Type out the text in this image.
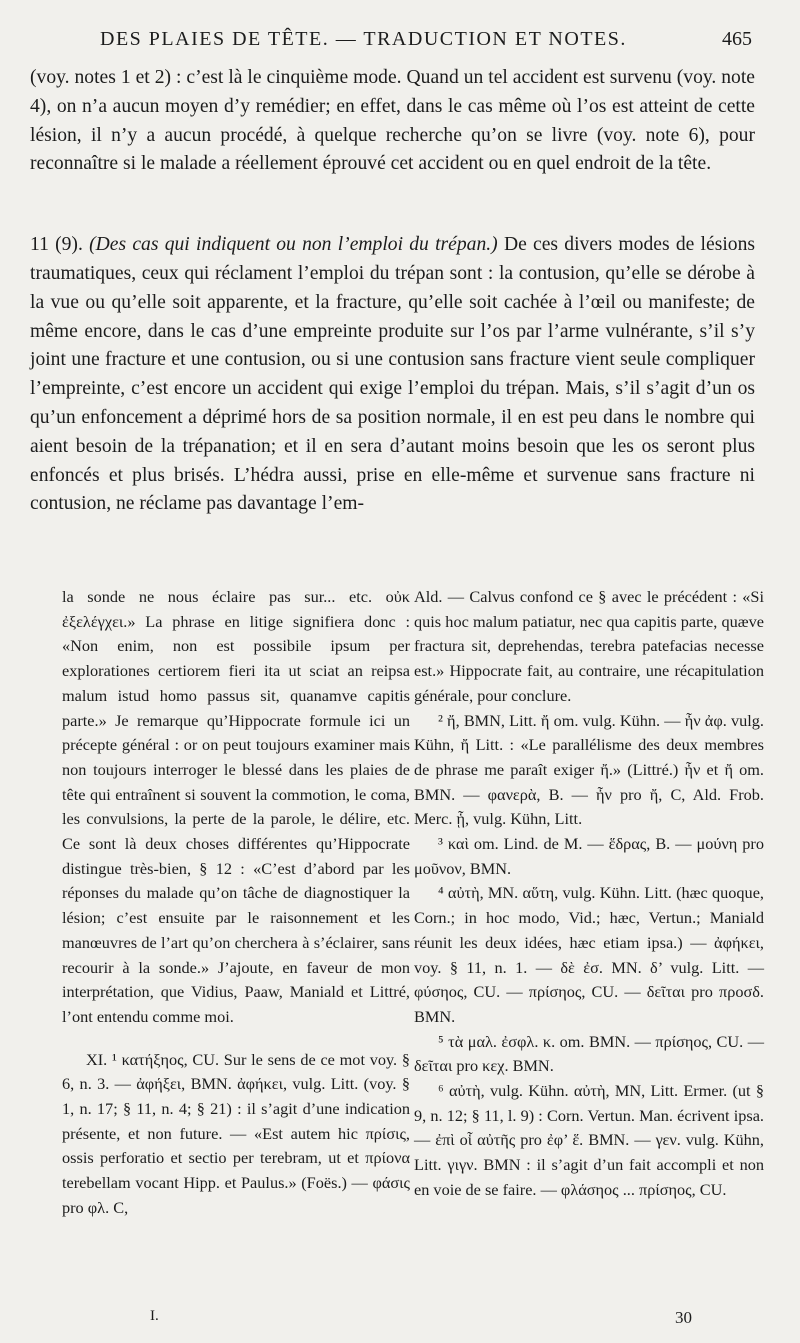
DES PLAIES DE TÊTE. — TRADUCTION ET NOTES.	465

(voy. notes 1 et 2) : c’est là le cinquième mode. Quand un tel accident est survenu (voy. note 4), on n’a aucun moyen d’y remédier; en effet, dans le cas même où l’os est atteint de cette lésion, il n’y a aucun procédé, à quelque recherche qu’on se livre (voy. note 6), pour reconnaître si le malade a réellement éprouvé cet accident ou en quel endroit de la tête.

11 (9). (Des cas qui indiquent ou non l’emploi du trépan.) De ces divers modes de lésions traumatiques, ceux qui réclament l’emploi du trépan sont : la contusion, qu’elle se dérobe à la vue ou qu’elle soit apparente, et la fracture, qu’elle soit cachée à l’œil ou manifeste; de même encore, dans le cas d’une empreinte produite sur l’os par l’arme vulnérante, s’il s’y joint une fracture et une contusion, ou si une contusion sans fracture vient seule compliquer l’empreinte, c’est encore un accident qui exige l’emploi du trépan. Mais, s’il s’agit d’un os qu’un enfoncement a déprimé hors de sa position normale, il en est peu dans le nombre qui aient besoin de la trépanation; et il en sera d’autant moins besoin que les os seront plus enfoncés et plus brisés. L’hédra aussi, prise en elle-même et survenue sans fracture ni contusion, ne réclame pas davantage l’em-

la sonde ne nous éclaire pas sur... etc. οὐκ ἐξελέγχει.» La phrase en litige signifiera donc : «Non enim, non est possibile ipsum per explorationes certiorem fieri ita ut sciat an reipsa malum istud homo passus sit, quanamve capitis parte.» Je remarque qu’Hippocrate formule ici un précepte général : or on peut toujours examiner mais non toujours interroger le blessé dans les plaies de tête qui entraînent si souvent la commotion, le coma, les convulsions, la perte de la parole, le délire, etc. Ce sont là deux choses différentes qu’Hippocrate distingue très-bien, § 12 : «C’est d’abord par les réponses du malade qu’on tâche de diagnostiquer la lésion; c’est ensuite par le raisonnement et les manœuvres de l’art qu’on cherchera à s’éclairer, sans recourir à la sonde.» J’ajoute, en faveur de mon interprétation, que Vidius, Paaw, Maniald et Littré, l’ont entendu comme moi.

XI. ¹ κατήξηος, CU. Sur le sens de ce mot voy. § 6, n. 3. — ἀφήξει, BMN. ἀφήκει, vulg. Litt. (voy. § 1, n. 17; § 11, n. 4; § 21) : il s’agit d’une indication présente, et non future. — «Est autem hic πρίσις, ossis perforatio et sectio per terebram, ut et πρίονα terebellam vocant Hipp. et Paulus.» (Foës.) — φάσις pro φλ. C,

Ald. — Calvus confond ce § avec le précédent : «Si quis hoc malum patiatur, nec qua capitis parte, quæve fractura sit, deprehendas, terebra patefacias necesse est.» Hippocrate fait, au contraire, une récapitulation générale, pour conclure.

² ἤ, BMN, Litt. ἤ om. vulg. Kühn. — ἦν ἀφ. vulg. Kühn, ἤ Litt. : «Le parallélisme des deux membres de phrase me paraît exiger ἤ.» (Littré.) ἦν et ἤ om. BMN. — φανερὰ, B. — ἦν pro ἤ, C, Ald. Frob. Merc. ᾗ, vulg. Kühn, Litt.

³ καὶ om. Lind. de M. — ἕδρας, B. — μούνη pro μοῦνον, BMN.

⁴ αὐτὴ, MN. αὕτη, vulg. Kühn. Litt. (hæc quoque, Corn.; in hoc modo, Vid.; hæc, Vertun.; Maniald réunit les deux idées, hæc etiam ipsa.) — ἀφήκει, voy. § 11, n. 1. — δὲ ἐσ. MN. δ’ vulg. Litt. — φύσηος, CU. — πρίσηος, CU. — δεῖται pro προσδ. BMN.

⁵ τὰ μαλ. ἐσφλ. κ. om. BMN. — πρίσηος, CU. — δεῖται pro κεχ. BMN.

⁶ αὐτὴ, vulg. Kühn. αὐτὴ, MN, Litt. Ermer. (ut § 9, n. 12; § 11, l. 9) : Corn. Vertun. Man. écrivent ipsa. — ἐπὶ οἷ αὐτῆς pro ἐφ’ ἕ. BMN. — γεν. vulg. Kühn, Litt. γιγν. BMN : il s’agit d’un fait accompli et non en voie de se faire. — φλάσηος ... πρίσηος, CU.

I.	30
